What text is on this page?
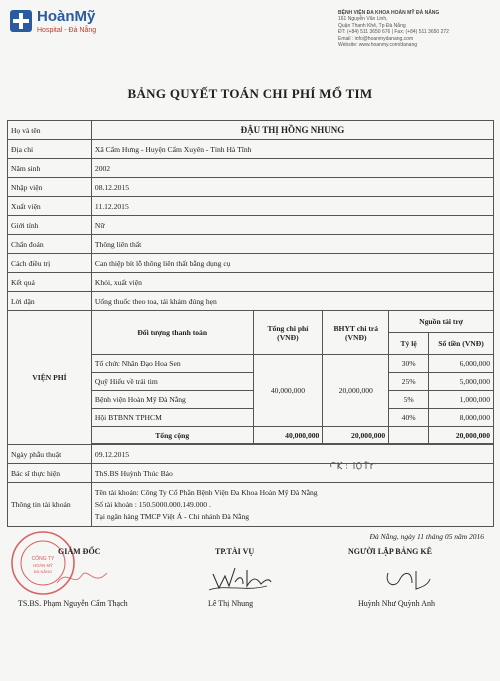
HoànMỹ
Hospital - Đà Nẵng
BỆNH VIỆN ĐA KHOA HOÀN MỸ ĐÀ NẴNG
161 Nguyễn Văn Linh,
Quận Thanh Khê, Tp Đà Nẵng
ĐT: (+84) 511 3650 676 | Fax: (+84) 511 3650 272
Email : info@hoanmydanang.com
Website: www.hoanmy.com/danang
BẢNG QUYẾT TOÁN CHI PHÍ MỔ TIM
Họ và tên	ĐẬU THỊ HỒNG NHUNG				
Địa chỉ	Xã Cẩm Hưng - Huyện Cẩm Xuyên - Tỉnh Hà Tĩnh				
Năm sinh	2002				
Nhập viện	08.12.2015				
Xuất viện	11.12.2015				
Giới tính	Nữ				
Chẩn đoán	Thông liên thất				
Cách điều trị	Can thiệp bít lỗ thông liên thất bằng dụng cụ				
Kết quả	Khỏi, xuất viện				
Lời dặn	Uống thuốc theo toa, tái khám đúng hẹn				
VIỆN PHÍ	Đối tượng thanh toán	Tổng chi phí (VNĐ)	BHYT chi trả (VNĐ)	Nguồn tài trợ	
				Tỷ lệ	Số tiền (VNĐ)
	Tổ chức Nhân Đạo Hoa Sen	40,000,000	20,000,000	30%	6,000,000
	Quỹ Hiếu về trái tim			25%	5,000,000
	Bệnh viện Hoàn Mỹ Đà Nẵng			5%	1,000,000
	Hội BTBNN TPHCM			40%	8,000,000
	Tổng cộng	40,000,000	20,000,000		20,000,000

Ngày phẫu thuật	09.12.2015				
Bác sĩ thực hiện	ThS.BS Huỳnh Thúc Bảo				
Thông tin tài khoản	Tên tài khoản: Công Ty Cổ Phần Bệnh Viện Đa Khoa Hoàn Mỹ Đà Nẵng
Số tài khoản : 150.5000.000.149.000 .
Tại ngân hàng TMCP Việt Á - Chi nhánh Đà Nẵng				
Đà Nẵng, ngày 11 tháng 05 năm 2016
CÔNG TY
HOÀN MỸ
ĐÀ NẴNG
GIÁM ĐỐC	TP.TÀI VỤ	NGƯỜI LẬP BẢNG KÊ
TS.BS. Phạm Nguyễn Cẩm Thạch	Lê Thị Nhung	Huỳnh Như Quỳnh Anh
